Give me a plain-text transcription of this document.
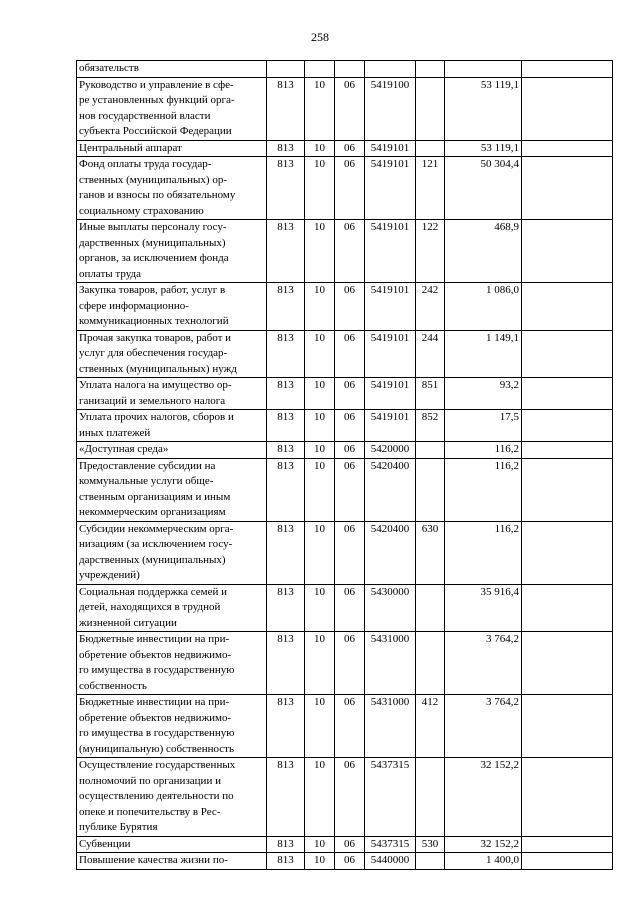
258
обязательств							

Руководство и управление в сфе-
ре установленных функций орга-
нов государственной власти
субъекта Российской Федерации	813	10	06	5419100		53 119,1	

Центральный аппарат	813	10	06	5419101		53 119,1	

Фонд оплаты труда государ-
ственных (муниципальных) ор-
ганов и взносы по обязательному
социальному страхованию	813	10	06	5419101	121	50 304,4	

Иные выплаты персоналу госу-
дарственных (муниципальных)
органов, за исключением фонда
оплаты труда	813	10	06	5419101	122	468,9	

Закупка товаров, работ, услуг в
сфере информационно-
коммуникационных технологий	813	10	06	5419101	242	1 086,0	

Прочая закупка товаров, работ и
услуг для обеспечения государ-
ственных (муниципальных) нужд	813	10	06	5419101	244	1 149,1	

Уплата налога на имущество ор-
ганизаций и земельного налога	813	10	06	5419101	851	93,2	

Уплата прочих налогов, сборов и
иных платежей	813	10	06	5419101	852	17,5	

«Доступная среда»	813	10	06	5420000		116,2	

Предоставление субсидии на
коммунальные услуги обще-
ственным организациям и иным
некоммерческим организациям	813	10	06	5420400		116,2	

Субсидии некоммерческим орга-
низациям (за исключением госу-
дарственных (муниципальных)
учреждений)	813	10	06	5420400	630	116,2	

Социальная поддержка семей и
детей, находящихся в трудной
жизненной ситуации	813	10	06	5430000		35 916,4	

Бюджетные инвестиции на при-
обретение объектов недвижимо-
го имущества в государственную
собственность	813	10	06	5431000		3 764,2	

Бюджетные инвестиции на при-
обретение объектов недвижимо-
го имущества в государственную
(муниципальную) собственность	813	10	06	5431000	412	3 764,2	

Осуществление государственных
полномочий по организации и
осуществлению деятельности по
опеке и попечительству в Рес-
публике Бурятия	813	10	06	5437315		32 152,2	

Субвенции	813	10	06	5437315	530	32 152,2	

Повышение качества жизни по-	813	10	06	5440000		1 400,0	
